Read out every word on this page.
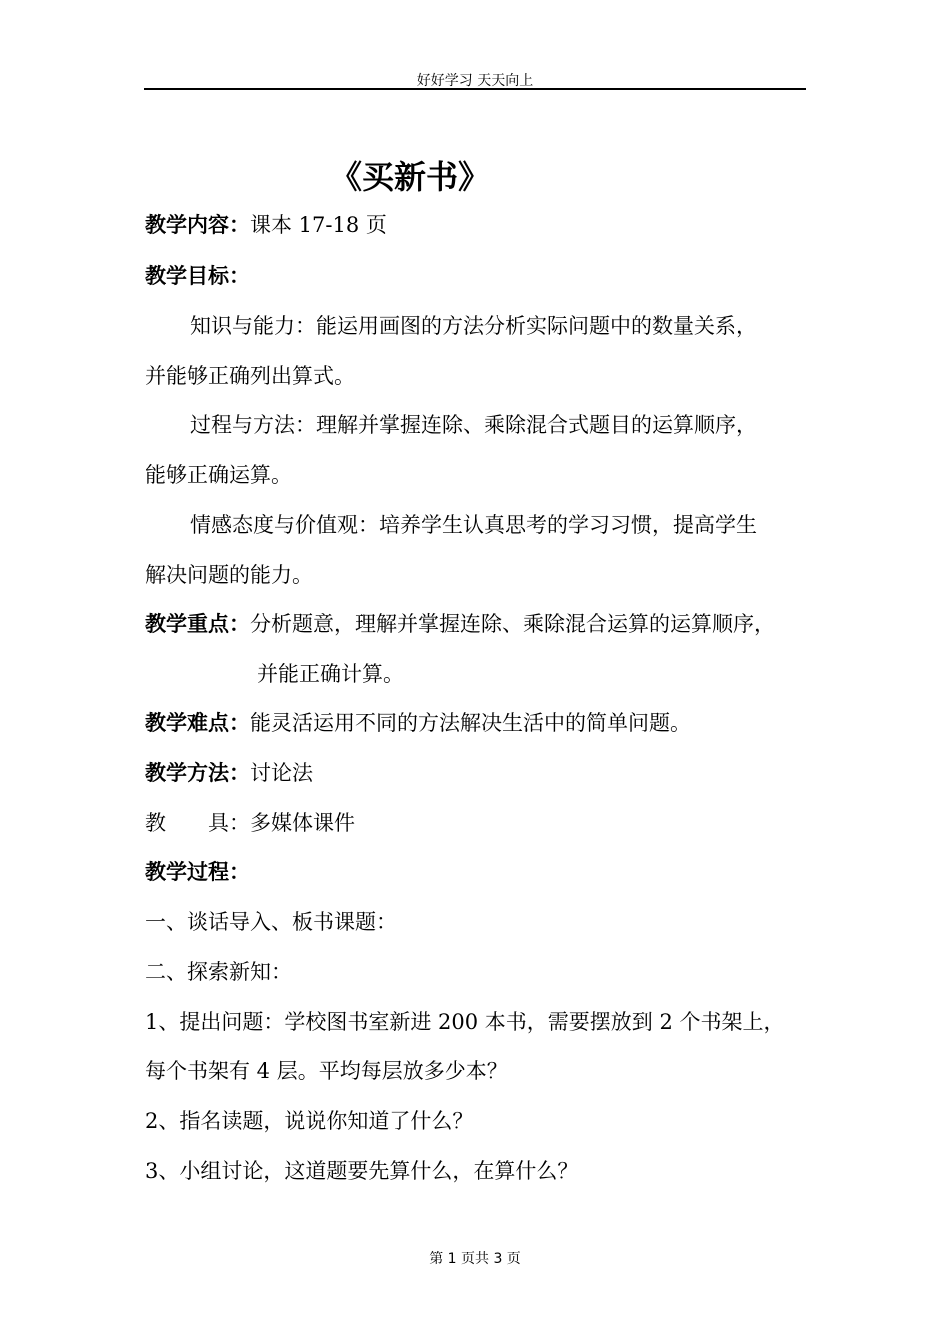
好好学习 天天向上
《买新书》
教学内容：课本 17-18 页
教学目标：
知识与能力：能运用画图的方法分析实际问题中的数量关系，
并能够正确列出算式。
过程与方法：理解并掌握连除、乘除混合式题目的运算顺序，
能够正确运算。
情感态度与价值观：培养学生认真思考的学习习惯，提高学生
解决问题的能力。
教学重点：分析题意，理解并掌握连除、乘除混合运算的运算顺序，
并能正确计算。
教学难点：能灵活运用不同的方法解决生活中的简单问题。
教学方法：讨论法
教 具：多媒体课件
教学过程：
一、谈话导入、板书课题：
二、探索新知：
1、提出问题：学校图书室新进 200 本书，需要摆放到 2 个书架上，
每个书架有 4 层。平均每层放多少本？
2、指名读题，说说你知道了什么？
3、小组讨论，这道题要先算什么，在算什么？
第 1 页共 3 页
